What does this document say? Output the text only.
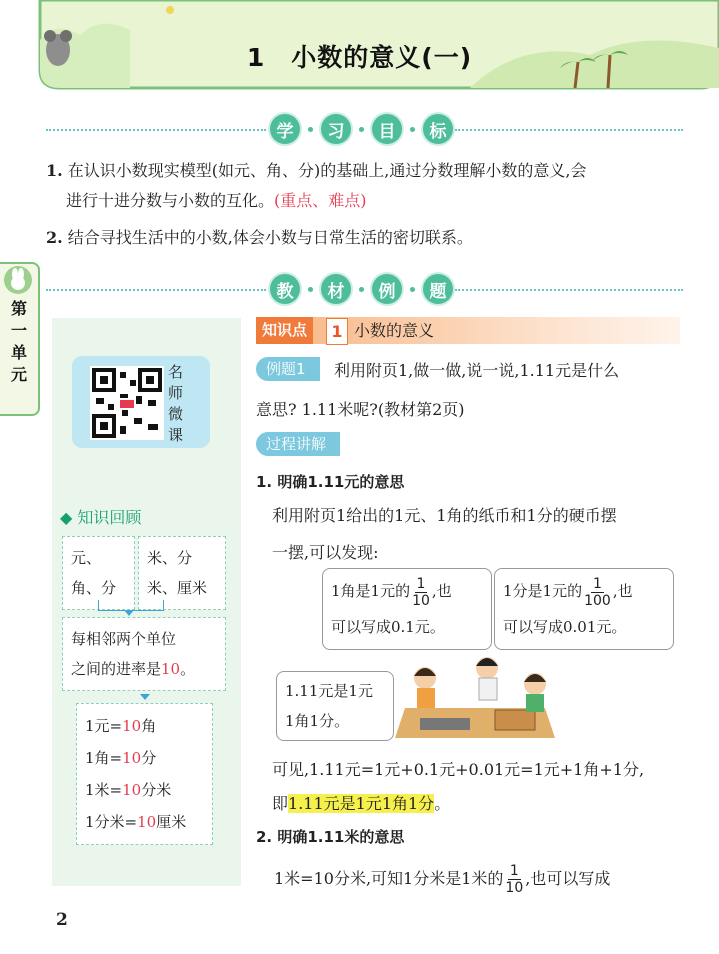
1　小数的意义(一)
学	习	目	标
1. 在认识小数现实模型(如元、角、分)的基础上,通过分数理解小数的意义,会
进行十进分数与小数的互化。(重点、难点)
2. 结合寻找生活中的小数,体会小数与日常生活的密切联系。
教	材	例	题
第一单元	名师微课
◆ 知识回顾
元、角、分
米、分米、厘米
每相邻两个单位
之间的进率是10。
1元=10角
1角=10分
1米=10分米
1分米=10厘米
知识点	1 小数的意义
例题1	利用附页1,做一做,说一说,1.11元是什么
意思? 1.11米呢?(教材第2页)
过程讲解
1. 明确1.11元的意思
利用附页1给出的1元、1角的纸币和1分的硬币摆
一摆,可以发现:
1角是1元的 $\frac{1}{10}$ ,也
可以写成0.1元。
1分是1元的 $\frac{1}{100}$ ,也
可以写成0.01元。
1.11元是1元
1角1分。
可见,1.11元=1元+0.1元+0.01元=1元+1角+1分,
即1.11元是1元1角1分。
2. 明确1.11米的意思
1米=10分米,可知1分米是1米的 $\frac{1}{10}$ ,也可以写成
2
